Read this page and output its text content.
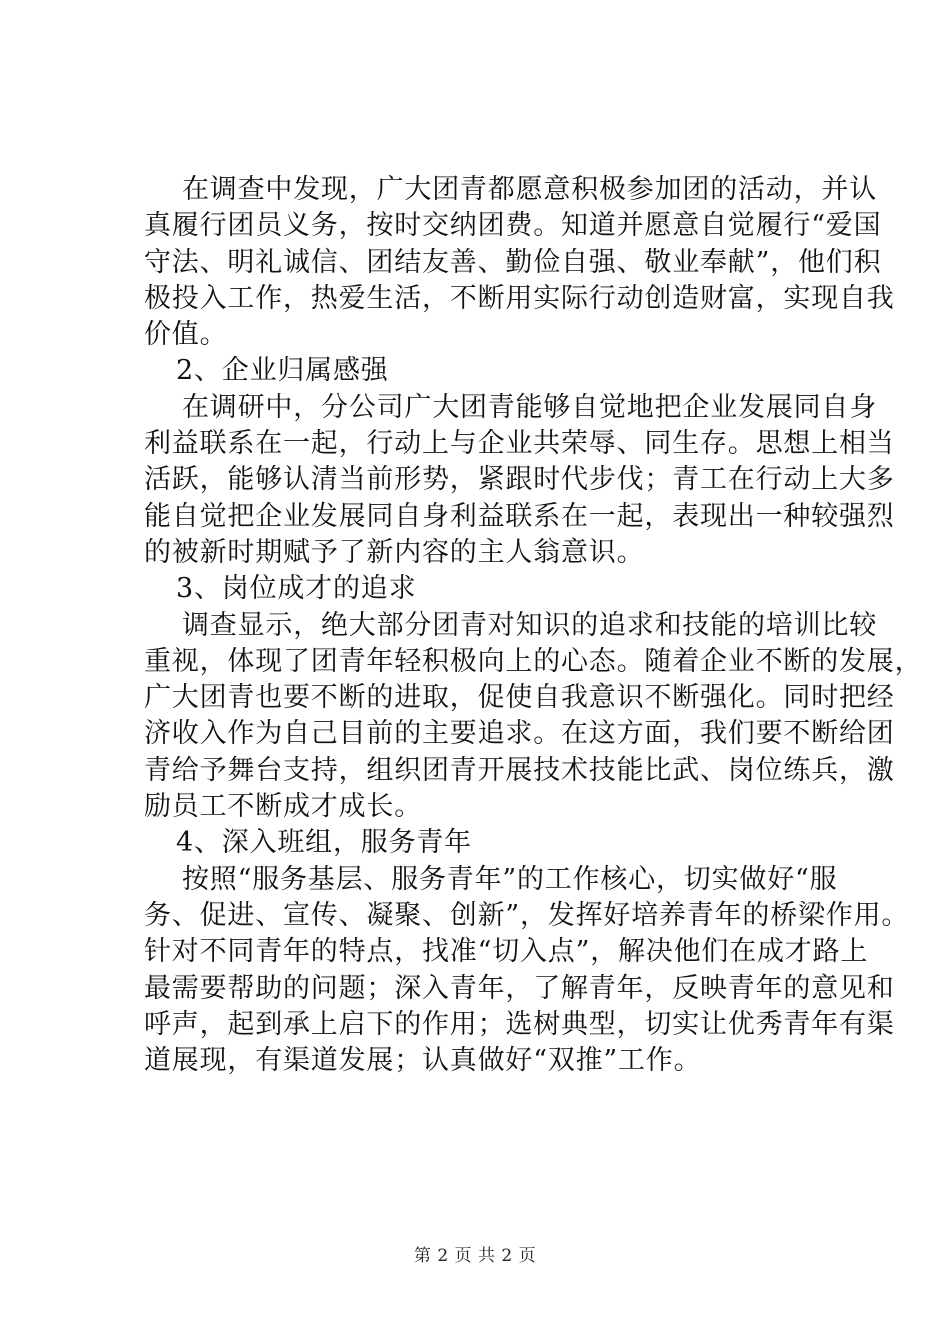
在调查中发现，广大团青都愿意积极参加团的活动，并认
真履行团员义务，按时交纳团费。知道并愿意自觉履行“爱国
守法、明礼诚信、团结友善、勤俭自强、敬业奉献”，他们积
极投入工作，热爱生活，不断用实际行动创造财富，实现自我
价值。
2、企业归属感强
在调研中，分公司广大团青能够自觉地把企业发展同自身
利益联系在一起，行动上与企业共荣辱、同生存。思想上相当
活跃，能够认清当前形势，紧跟时代步伐；青工在行动上大多
能自觉把企业发展同自身利益联系在一起，表现出一种较强烈
的被新时期赋予了新内容的主人翁意识。
3、岗位成才的追求
调查显示，绝大部分团青对知识的追求和技能的培训比较
重视，体现了团青年轻积极向上的心态。随着企业不断的发展，
广大团青也要不断的进取，促使自我意识不断强化。同时把经
济收入作为自己目前的主要追求。在这方面，我们要不断给团
青给予舞台支持，组织团青开展技术技能比武、岗位练兵，激
励员工不断成才成长。
4、深入班组，服务青年
按照“服务基层、服务青年”的工作核心，切实做好“服
务、促进、宣传、凝聚、创新”，发挥好培养青年的桥梁作用。
针对不同青年的特点，找准“切入点”，解决他们在成才路上
最需要帮助的问题；深入青年，了解青年，反映青年的意见和
呼声，起到承上启下的作用；选树典型，切实让优秀青年有渠
道展现，有渠道发展；认真做好“双推”工作。
第 2 页 共 2 页
